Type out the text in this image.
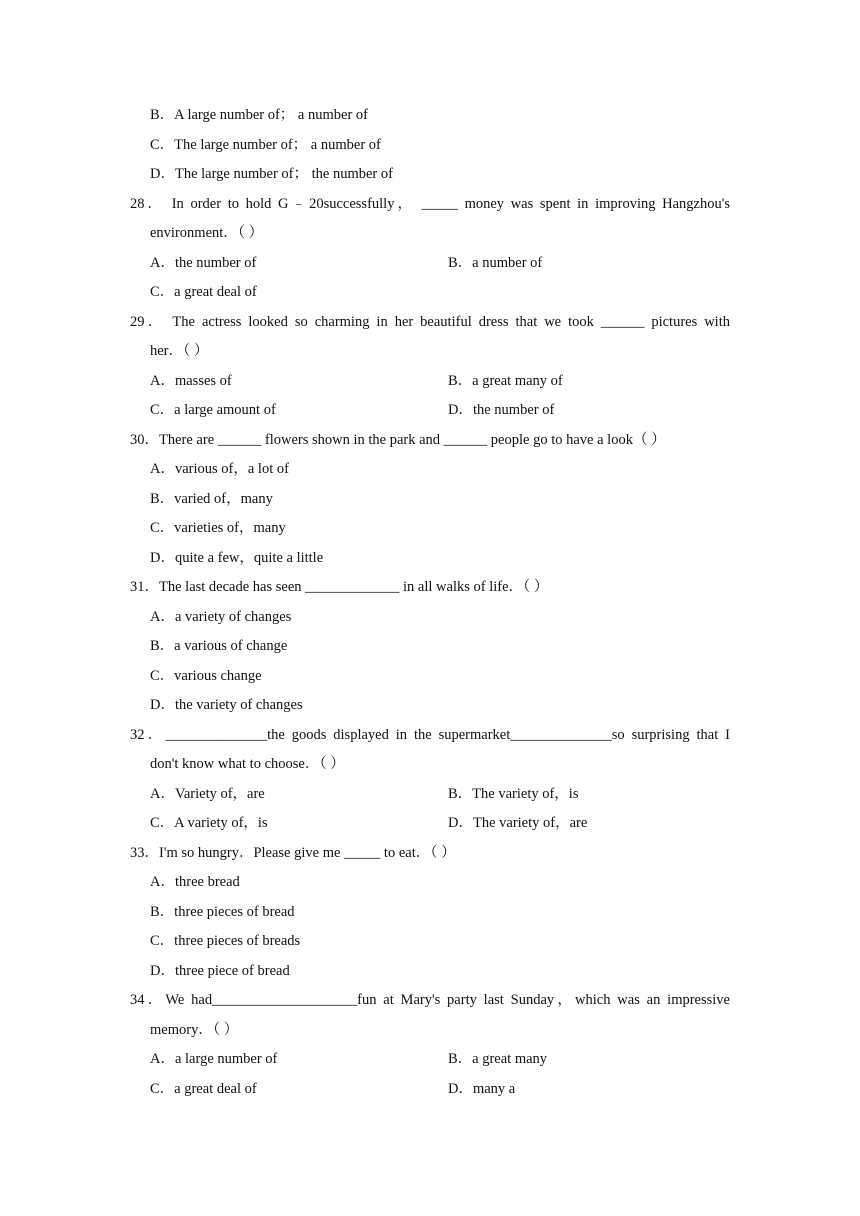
B．A large number of； a number of
C．The large number of； a number of
D．The large number of； the number of
28． In order to hold G﹣20successfully， _____ money was spent in improving Hangzhou's
environment．（ ）
A．the number of	B．a number of
C．a great deal of
29． The actress looked so charming in her beautiful dress that we took ______ pictures with
her．（ ）
A．masses of	B．a great many of
C．a large amount of	D．the number of
30．There are ______ flowers shown in the park and ______ people go to have a look（ ）
A．various of，a lot of
B．varied of，many
C．varieties of，many
D．quite a few，quite a little
31．The last decade has seen _____________ in all walks of life．（ ）
A．a variety of changes
B．a various of change
C．various change
D．the variety of changes
32．______________the goods displayed in the supermarket______________so surprising that I
don't know what to choose．（ ）
A．Variety of，are	B．The variety of，is
C．A variety of，is	D．The variety of，are
33．I'm so hungry．Please give me _____ to eat．（ ）
A．three bread
B．three pieces of bread
C．three pieces of breads
D．three piece of bread
34．We had____________________fun at Mary's party last Sunday，which was an impressive
memory．（ ）
A．a large number of	B．a great many
C．a great deal of	D．many a
